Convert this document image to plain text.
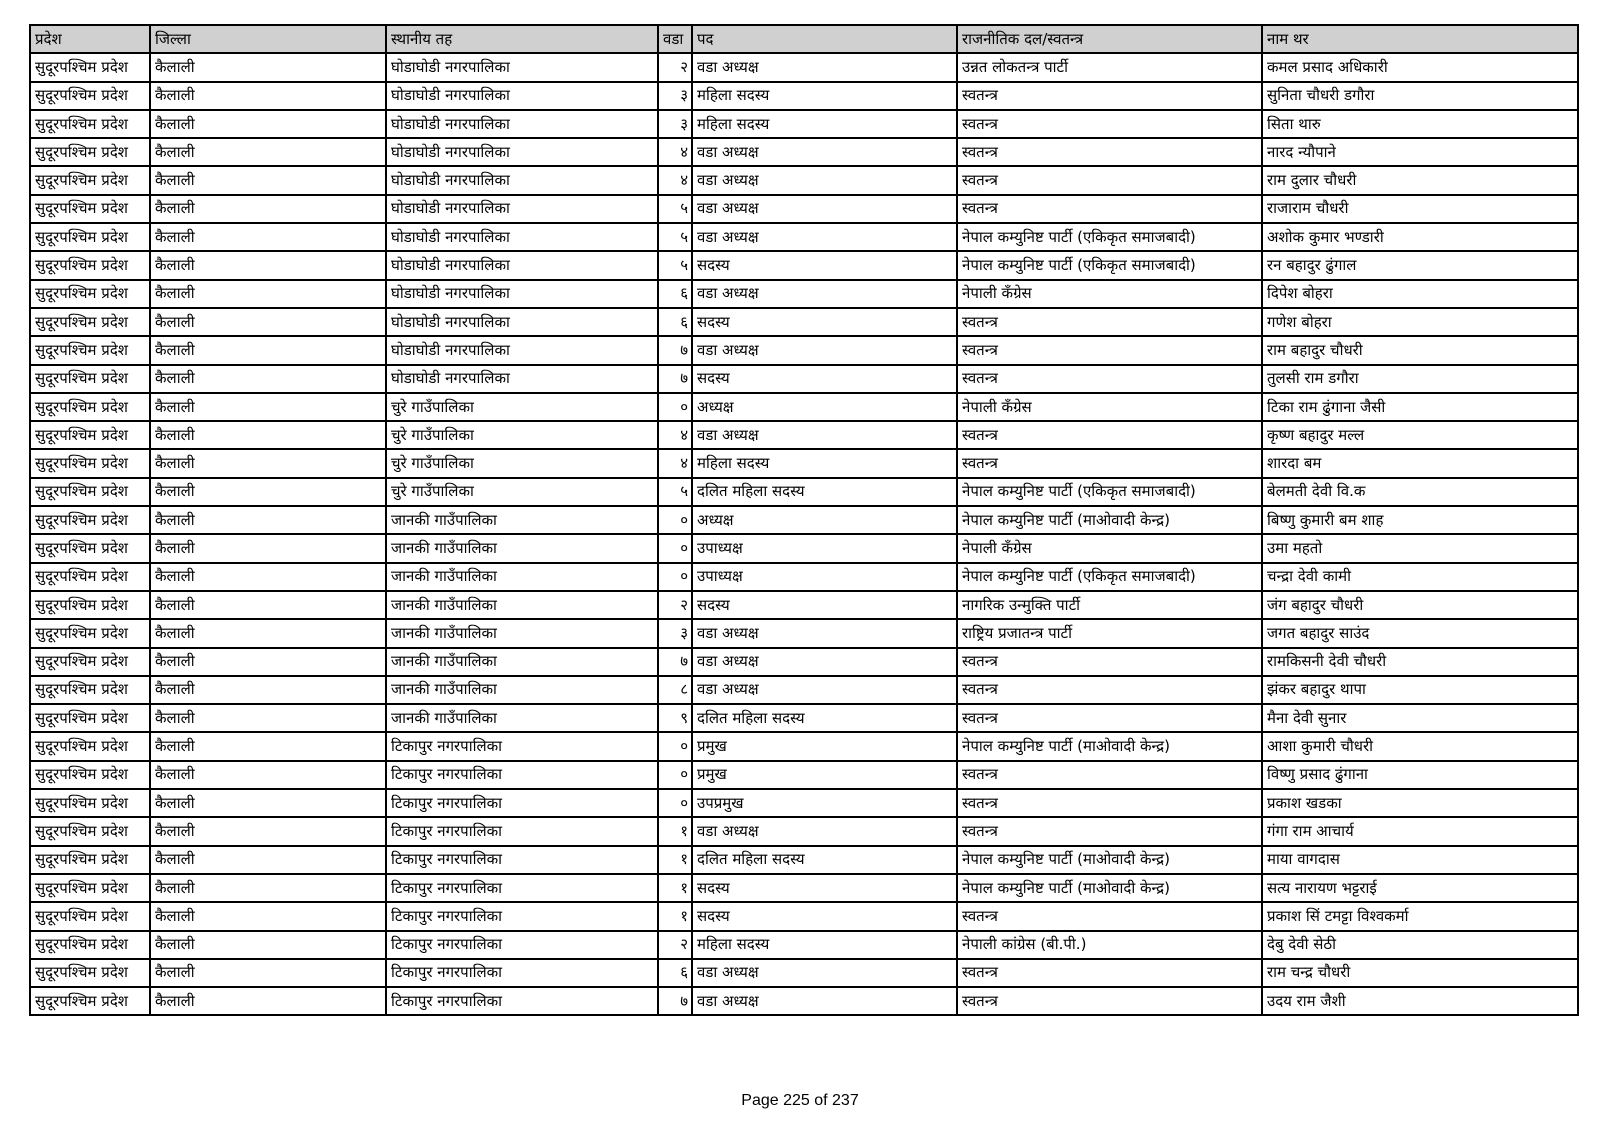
प्रदेश	जिल्ला	स्थानीय तह	वडा	पद	राजनीतिक दल/स्वतन्त्र	नाम थर
सुदूरपश्चिम प्रदेश	कैलाली	घोडाघोडी नगरपालिका	२	वडा अध्यक्ष	उन्नत लोकतन्त्र पार्टी	कमल प्रसाद अधिकारी
सुदूरपश्चिम प्रदेश	कैलाली	घोडाघोडी नगरपालिका	३	महिला सदस्य	स्वतन्त्र	सुनिता चौधरी डगौरा
सुदूरपश्चिम प्रदेश	कैलाली	घोडाघोडी नगरपालिका	३	महिला सदस्य	स्वतन्त्र	सिता थारु
सुदूरपश्चिम प्रदेश	कैलाली	घोडाघोडी नगरपालिका	४	वडा अध्यक्ष	स्वतन्त्र	नारद न्यौपाने
सुदूरपश्चिम प्रदेश	कैलाली	घोडाघोडी नगरपालिका	४	वडा अध्यक्ष	स्वतन्त्र	राम दुलार चौधरी
सुदूरपश्चिम प्रदेश	कैलाली	घोडाघोडी नगरपालिका	५	वडा अध्यक्ष	स्वतन्त्र	राजाराम चौधरी
सुदूरपश्चिम प्रदेश	कैलाली	घोडाघोडी नगरपालिका	५	वडा अध्यक्ष	नेपाल कम्युनिष्ट पार्टी (एकिकृत समाजबादी)	अशोक कुमार भण्डारी
सुदूरपश्चिम प्रदेश	कैलाली	घोडाघोडी नगरपालिका	५	सदस्य	नेपाल कम्युनिष्ट पार्टी (एकिकृत समाजबादी)	रन बहादुर ढुंगाल
सुदूरपश्चिम प्रदेश	कैलाली	घोडाघोडी नगरपालिका	६	वडा अध्यक्ष	नेपाली कँग्रेस	दिपेश बोहरा
सुदूरपश्चिम प्रदेश	कैलाली	घोडाघोडी नगरपालिका	६	सदस्य	स्वतन्त्र	गणेश बोहरा
सुदूरपश्चिम प्रदेश	कैलाली	घोडाघोडी नगरपालिका	७	वडा अध्यक्ष	स्वतन्त्र	राम बहादुर चौधरी
सुदूरपश्चिम प्रदेश	कैलाली	घोडाघोडी नगरपालिका	७	सदस्य	स्वतन्त्र	तुलसी राम डगौरा
सुदूरपश्चिम प्रदेश	कैलाली	चुरे गाउँपालिका	०	अध्यक्ष	नेपाली कँग्रेस	टिका राम ढुंगाना जैसी
सुदूरपश्चिम प्रदेश	कैलाली	चुरे गाउँपालिका	४	वडा अध्यक्ष	स्वतन्त्र	कृष्ण बहादुर मल्ल
सुदूरपश्चिम प्रदेश	कैलाली	चुरे गाउँपालिका	४	महिला सदस्य	स्वतन्त्र	शारदा बम
सुदूरपश्चिम प्रदेश	कैलाली	चुरे गाउँपालिका	५	दलित महिला सदस्य	नेपाल कम्युनिष्ट पार्टी (एकिकृत समाजबादी)	बेलमती देवी वि.क
सुदूरपश्चिम प्रदेश	कैलाली	जानकी गाउँपालिका	०	अध्यक्ष	नेपाल कम्युनिष्ट पार्टी (माओवादी केन्द्र)	बिष्णु कुमारी बम शाह
सुदूरपश्चिम प्रदेश	कैलाली	जानकी गाउँपालिका	०	उपाध्यक्ष	नेपाली कँग्रेस	उमा महतो
सुदूरपश्चिम प्रदेश	कैलाली	जानकी गाउँपालिका	०	उपाध्यक्ष	नेपाल कम्युनिष्ट पार्टी (एकिकृत समाजबादी)	चन्द्रा देवी कामी
सुदूरपश्चिम प्रदेश	कैलाली	जानकी गाउँपालिका	२	सदस्य	नागरिक उन्मुक्ति पार्टी	जंग बहादुर चौधरी
सुदूरपश्चिम प्रदेश	कैलाली	जानकी गाउँपालिका	३	वडा अध्यक्ष	राष्ट्रिय प्रजातन्त्र पार्टी	जगत बहादुर साउंद
सुदूरपश्चिम प्रदेश	कैलाली	जानकी गाउँपालिका	७	वडा अध्यक्ष	स्वतन्त्र	रामकिसनी देवी चौधरी
सुदूरपश्चिम प्रदेश	कैलाली	जानकी गाउँपालिका	८	वडा अध्यक्ष	स्वतन्त्र	झंकर बहादुर थापा
सुदूरपश्चिम प्रदेश	कैलाली	जानकी गाउँपालिका	९	दलित महिला सदस्य	स्वतन्त्र	मैना देवी सुनार
सुदूरपश्चिम प्रदेश	कैलाली	टिकापुर नगरपालिका	०	प्रमुख	नेपाल कम्युनिष्ट पार्टी (माओवादी केन्द्र)	आशा कुमारी चौधरी
सुदूरपश्चिम प्रदेश	कैलाली	टिकापुर नगरपालिका	०	प्रमुख	स्वतन्त्र	विष्णु प्रसाद ढुंगाना
सुदूरपश्चिम प्रदेश	कैलाली	टिकापुर नगरपालिका	०	उपप्रमुख	स्वतन्त्र	प्रकाश खडका
सुदूरपश्चिम प्रदेश	कैलाली	टिकापुर नगरपालिका	१	वडा अध्यक्ष	स्वतन्त्र	गंगा राम आचार्य
सुदूरपश्चिम प्रदेश	कैलाली	टिकापुर नगरपालिका	१	दलित महिला सदस्य	नेपाल कम्युनिष्ट पार्टी (माओवादी केन्द्र)	माया वागदास
सुदूरपश्चिम प्रदेश	कैलाली	टिकापुर नगरपालिका	१	सदस्य	नेपाल कम्युनिष्ट पार्टी (माओवादी केन्द्र)	सत्य नारायण भट्टराई
सुदूरपश्चिम प्रदेश	कैलाली	टिकापुर नगरपालिका	१	सदस्य	स्वतन्त्र	प्रकाश सिं टमट्टा विश्वकर्मा
सुदूरपश्चिम प्रदेश	कैलाली	टिकापुर नगरपालिका	२	महिला सदस्य	नेपाली कांग्रेस (बी.पी.)	देबु देवी सेठी
सुदूरपश्चिम प्रदेश	कैलाली	टिकापुर नगरपालिका	६	वडा अध्यक्ष	स्वतन्त्र	राम चन्द्र चौधरी
सुदूरपश्चिम प्रदेश	कैलाली	टिकापुर नगरपालिका	७	वडा अध्यक्ष	स्वतन्त्र	उदय राम जैशी
Page 225 of 237
